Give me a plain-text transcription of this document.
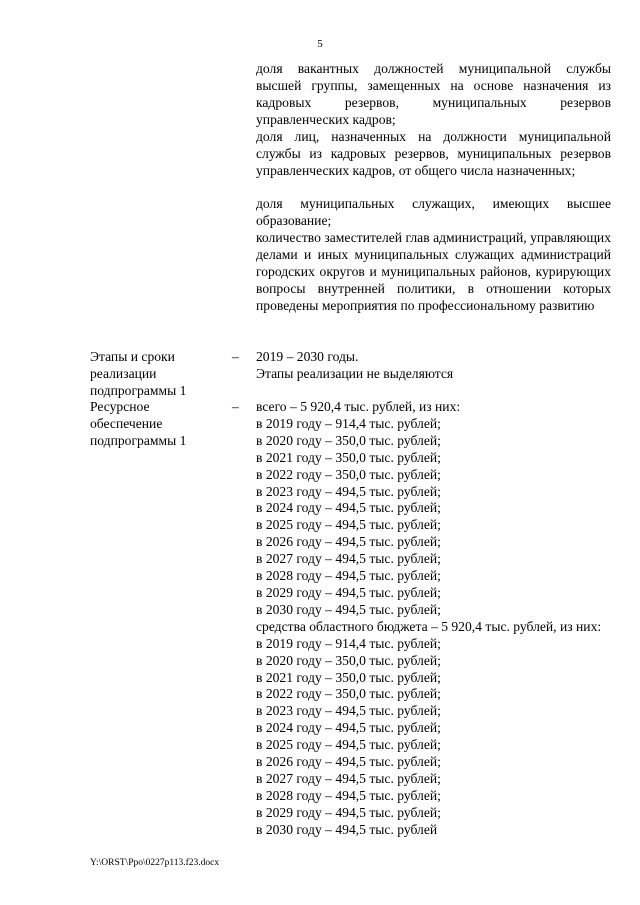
5
доля вакантных должностей муниципальной службы высшей группы, замещенных на основе назначения из кадровых резервов, муниципальных резервов управленческих кадров;
доля лиц, назначенных на должности муниципальной службы из кадровых резервов, муниципальных резервов управленческих кадров, от общего числа назначенных;
доля муниципальных служащих, имеющих высшее образование;
количество заместителей глав администраций, управляющих делами и иных муниципальных служащих администраций городских округов и муниципальных районов, курирующих вопросы внутренней политики, в отношении которых проведены мероприятия по профессиональному развитию
Этапы и сроки реализации подпрограммы 1
– 2019 – 2030 годы.
Этапы реализации не выделяются
Ресурсное обеспечение подпрограммы 1
– всего – 5 920,4 тыс. рублей, из них:
в 2019 году – 914,4 тыс. рублей;
в 2020 году – 350,0 тыс. рублей;
в 2021 году – 350,0 тыс. рублей;
в 2022 году – 350,0 тыс. рублей;
в 2023 году – 494,5 тыс. рублей;
в 2024 году – 494,5 тыс. рублей;
в 2025 году – 494,5 тыс. рублей;
в 2026 году – 494,5 тыс. рублей;
в 2027 году – 494,5 тыс. рублей;
в 2028 году – 494,5 тыс. рублей;
в 2029 году – 494,5 тыс. рублей;
в 2030 году – 494,5 тыс. рублей;
средства областного бюджета – 5 920,4 тыс. рублей, из них:
в 2019 году – 914,4 тыс. рублей;
в 2020 году – 350,0 тыс. рублей;
в 2021 году – 350,0 тыс. рублей;
в 2022 году – 350,0 тыс. рублей;
в 2023 году – 494,5 тыс. рублей;
в 2024 году – 494,5 тыс. рублей;
в 2025 году – 494,5 тыс. рублей;
в 2026 году – 494,5 тыс. рублей;
в 2027 году – 494,5 тыс. рублей;
в 2028 году – 494,5 тыс. рублей;
в 2029 году – 494,5 тыс. рублей;
в 2030 году – 494,5 тыс. рублей
Y:\ORST\Ppo\0227p113.f23.docx
